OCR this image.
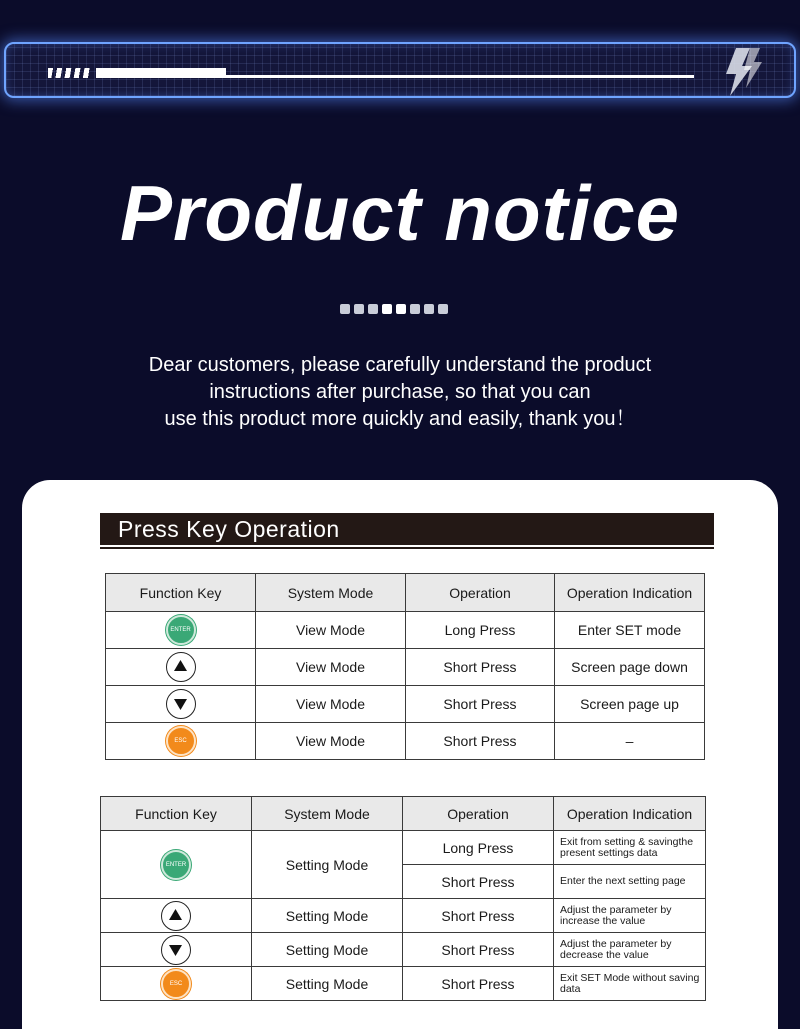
Product notice
Dear customers, please carefully understand the product
instructions after purchase, so that you can
use this product more quickly and easily, thank you！
Press Key Operation
Function Key	System Mode	Operation	Operation Indication

ENTER	View Mode	Long Press	Enter SET mode

	View Mode	Short Press	Screen page down

	View Mode	Short Press	Screen page up

ESC	View Mode	Short Press	–
Function Key	System Mode	Operation	Operation Indication

ENTER	Setting Mode	Long Press	Exit from setting & savingthe present settings data
		Short Press	Enter the next setting page

	Setting Mode	Short Press	Adjust the parameter by increase the value

	Setting Mode	Short Press	Adjust the parameter by decrease the value

ESC	Setting Mode	Short Press	Exit SET Mode without saving data
